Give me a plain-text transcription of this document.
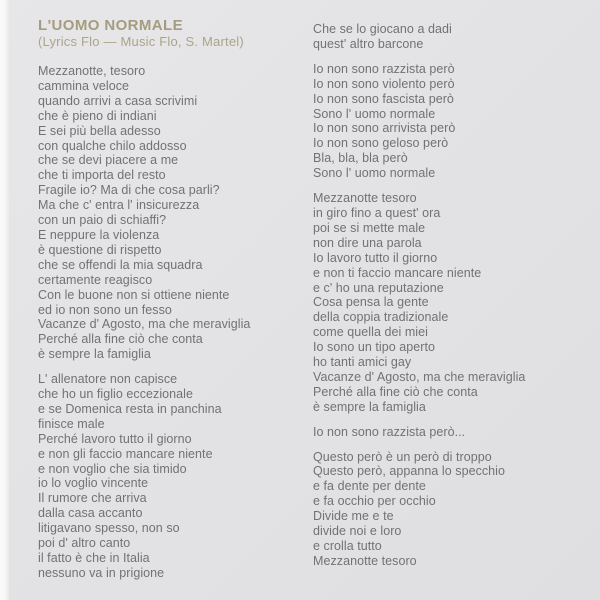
L'UOMO NORMALE

(Lyrics Flo — Music Flo, S. Martel)

Mezzanotte, tesoro
cammina veloce
quando arrivi a casa scrivimi
che è pieno di indiani
E sei più bella adesso
con qualche chilo addosso
che se devi piacere a me
che ti importa del resto
Fragile io? Ma di che cosa parli?
Ma che c' entra l' insicurezza
con un paio di schiaffi?
E neppure la violenza
è questione di rispetto
che se offendi la mia squadra
certamente reagisco
Con le buone non si ottiene niente
ed io non sono un fesso
Vacanze d' Agosto, ma che meraviglia
Perché alla fine ciò che conta
è sempre la famiglia
L' allenatore non capisce
che ho un figlio eccezionale
e se Domenica resta in panchina
finisce male
Perché lavoro tutto il giorno
e non gli faccio mancare niente
e non voglio che sia timido
io lo voglio vincente
Il rumore che arriva
dalla casa accanto
litigavano spesso, non so
poi d' altro canto
il fatto è che in Italia
nessuno va in prigione
Che se lo giocano a dadi
quest' altro barcone
Io non sono razzista però
Io non sono violento però
Io non sono fascista però
Sono l' uomo normale
Io non sono arrivista però
Io non sono geloso però
Bla, bla, bla però
Sono l' uomo normale
Mezzanotte tesoro
in giro fino a quest' ora
poi se si mette male
non dire una parola
Io lavoro tutto il giorno
e non ti faccio mancare niente
e c' ho una reputazione
Cosa pensa la gente
della coppia tradizionale
come quella dei miei
Io sono un tipo aperto
ho tanti amici gay
Vacanze d' Agosto, ma che meraviglia
Perché alla fine ciò che conta
è sempre la famiglia
Io non sono razzista però...
Questo però è un però di troppo
Questo però, appanna lo specchio
e fa dente per dente
e fa occhio per occhio
Divide me e te
divide noi e loro
e crolla tutto
Mezzanotte tesoro
